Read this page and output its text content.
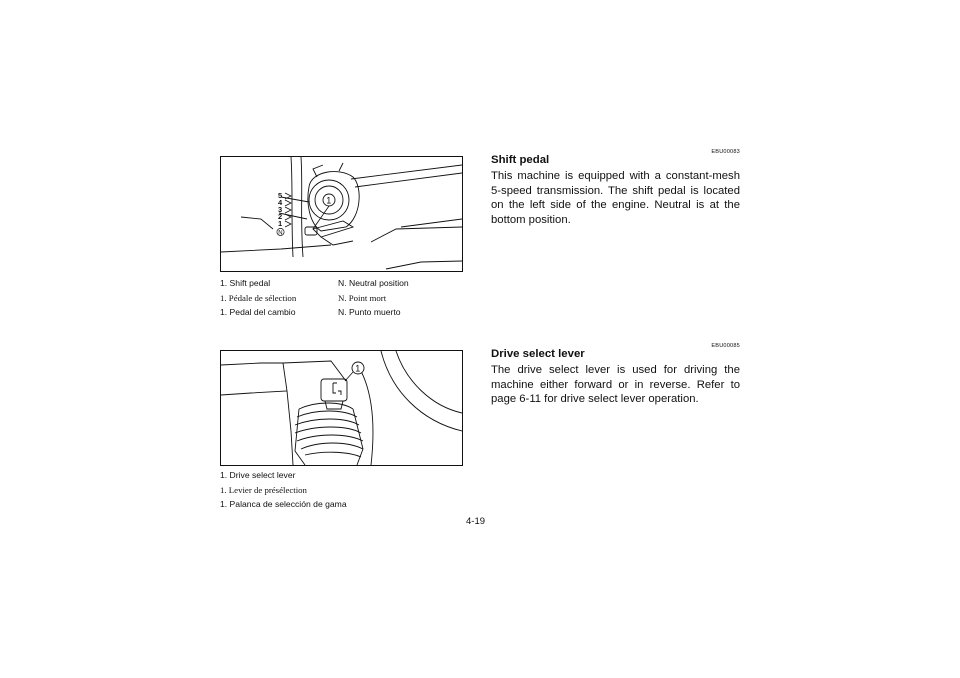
5
4
3
2
1
N
1
1. Shift pedal	N. Neutral position
1. Pédale de sélection	N. Point mort
1. Pedal del cambio	N. Punto muerto
1
1. Drive select lever
1. Levier de présélection
1. Palanca de selección de gama
EBU00083
Shift pedal
This machine is equipped with a constant-mesh 5-speed transmission. The shift pedal is located on the left side of the engine. Neutral is at the bottom position.
EBU00085
Drive select lever
The drive select lever is used for driving the machine either forward or in reverse. Refer to page 6-11 for drive select lever operation.
4-19
